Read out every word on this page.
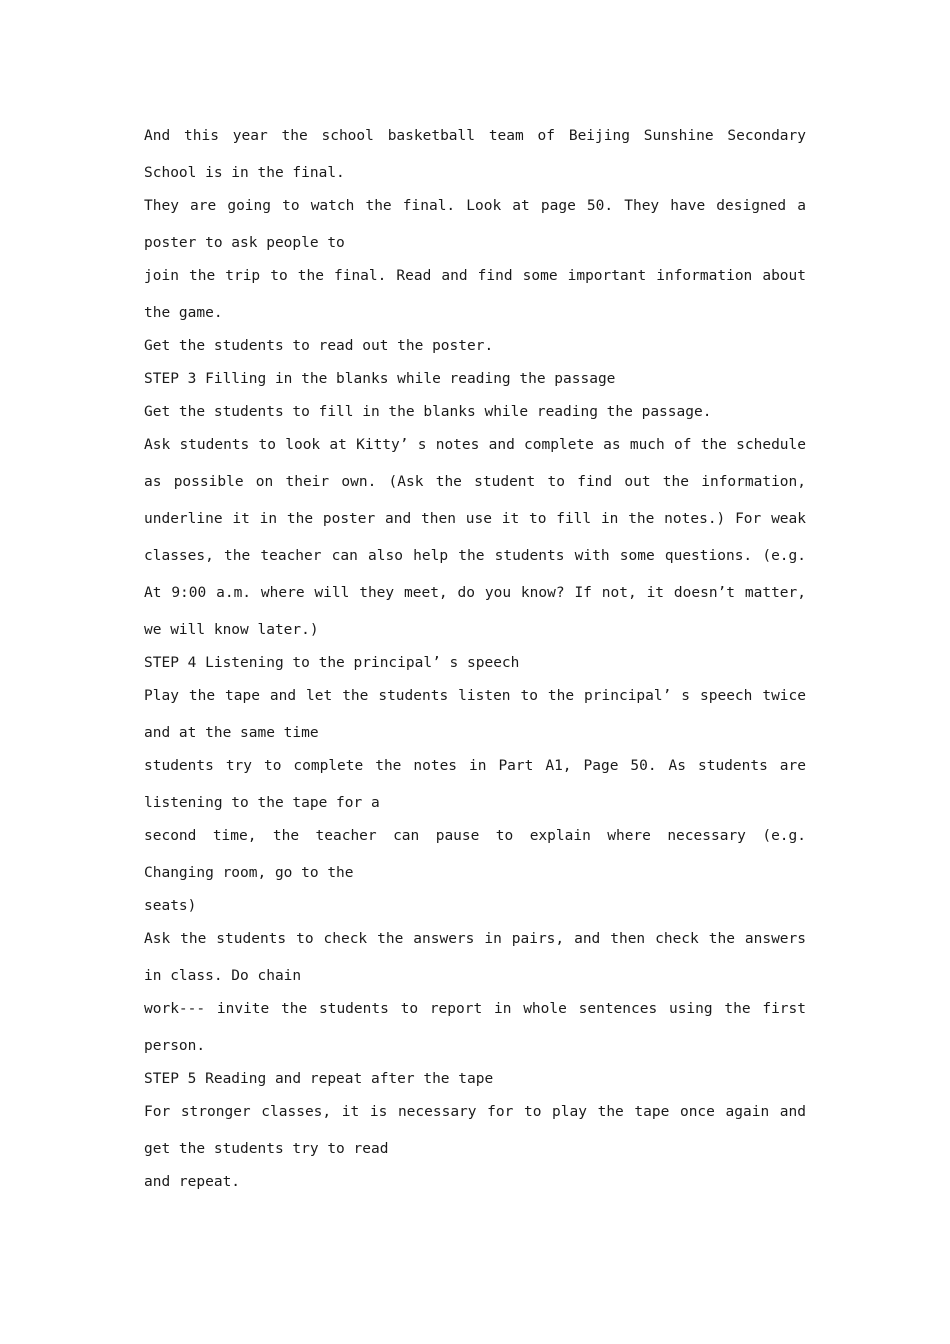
And this year the school basketball team of Beijing Sunshine Secondary School is in the final.

They are going to watch the final. Look at page 50. They have designed a poster to ask people to

join the trip to the final. Read and find some important information about the game.

Get the students to read out the poster.

STEP 3 Filling in the blanks while reading the passage

Get the students to fill in the blanks while reading the passage.

Ask students to look at Kitty’ s notes and complete as much of the schedule as possible on their own. (Ask the student to find out the information, underline it in the poster and then use it to fill in the notes.) For weak classes, the teacher can also help the students with some questions. (e.g. At 9:00 a.m. where will they meet, do you know? If not, it doesn’t matter, we will know later.)

STEP 4 Listening to the principal’ s speech

Play the tape and let the students listen to the principal’ s speech twice and at the same time

students try to complete the notes in Part A1, Page 50. As students are listening to the tape for a

second time, the teacher can pause to explain where necessary (e.g. Changing room, go to the

seats)

Ask the students to check the answers in pairs, and then check the answers in class. Do chain

work--- invite the students to report in whole sentences using the first person.

STEP 5 Reading and repeat after the tape

For stronger classes, it is necessary for to play the tape once again and get the students try to read

and repeat.
